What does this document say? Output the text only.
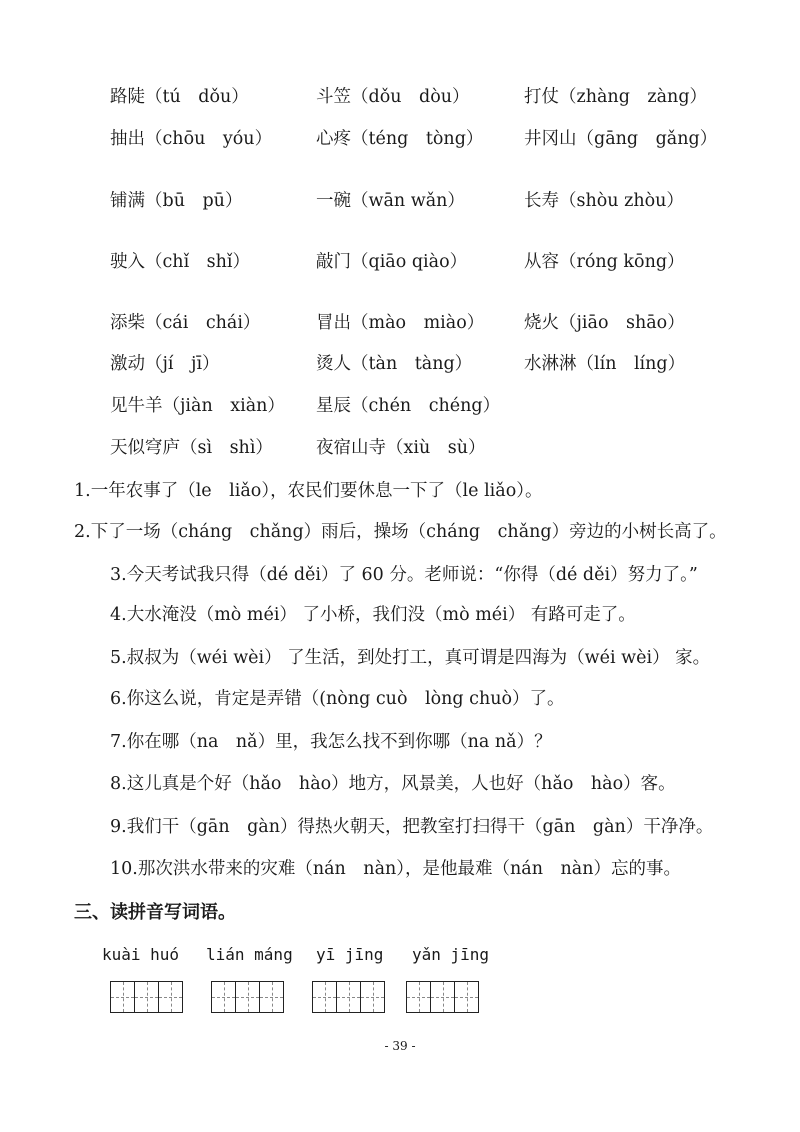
路陡（tú　dǒu）	斗笠（dǒu　dòu）	打仗（zhàng　zàng）
抽出（chōu　yóu）	心疼（téng　tòng） 井冈山（gāng　gǎng）
铺满（bū　pū）	一碗（wān wǎn）	长寿（shòu zhòu）
驶入（chǐ　shǐ）	敲门（qiāo qiào）	从容（róng kōng）
添柴（cái　chái）	冒出（mào　miào） 烧火（jiāo　shāo）
激动（jí　jī）	烫人（tàn　tàng）	水淋淋（lín　líng）
见牛羊（jiàn　xiàn） 星辰（chén　chéng）
天似穹庐（sì　shì） 夜宿山寺（xiù　sù）
1.一年农事了（le　liǎo），农民们要休息一下了（le liǎo）。
2.下了一场（cháng　chǎng）雨后，操场（cháng　chǎng）旁边的小树长高了。
3.今天考试我只得（dé děi）了 60 分。老师说：“你得（dé děi）努力了。”
4.大水淹没（mò méi） 了小桥，我们没（mò méi） 有路可走了。
5.叔叔为（wéi wèi） 了生活，到处打工，真可谓是四海为（wéi wèi） 家。
6.你这么说，肯定是弄错（(nòng cuò　lòng chuò）了。
7.你在哪（na　nǎ）里，我怎么找不到你哪（na nǎ）？
8.这儿真是个好（hǎo　hào）地方，风景美，人也好（hǎo　hào）客。
9.我们干（gān　gàn）得热火朝天，把教室打扫得干（gān　gàn）干净净。
10.那次洪水带来的灾难（nán　nàn），是他最难（nán　nàn）忘的事。
三、读拼音写词语。
kuài huó lián máng yī jīng yǎn jīng
- 39 -
